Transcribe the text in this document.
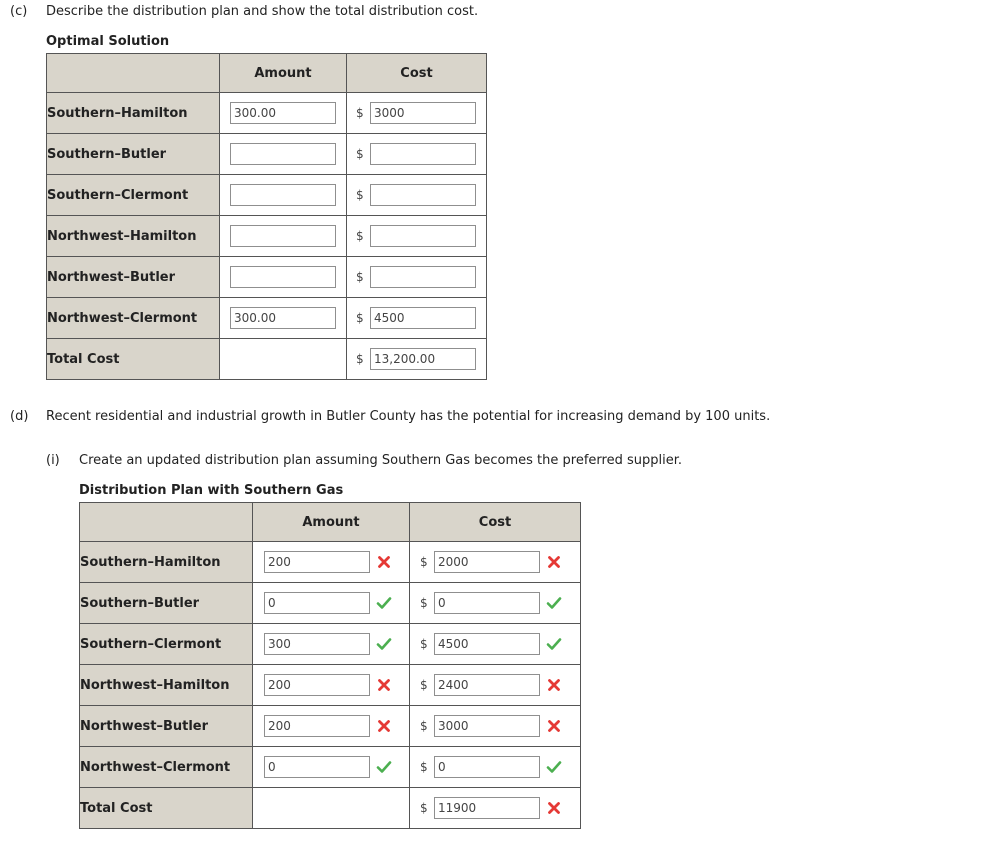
(c) Describe the distribution plan and show the total distribution cost.
Optimal Solution
	Amount	Cost
Southern–Hamilton	300.00	$ 3000

Southern–Butler		$

Southern–Clermont		$

Northwest–Hamilton		$

Northwest–Butler		$

Northwest–Clermont	300.00	$ 4500

Total Cost		$ 13,200.00
(d) Recent residential and industrial growth in Butler County has the potential for increasing demand by 100 units.
(i) Create an updated distribution plan assuming Southern Gas becomes the preferred supplier.
Distribution Plan with Southern Gas
	Amount	Cost
Southern–Hamilton	200	$ 2000

Southern–Butler	0	$ 0

Southern–Clermont	300	$ 4500

Northwest–Hamilton	200	$ 2400

Northwest–Butler	200	$ 3000

Northwest–Clermont	0	$ 0

Total Cost		$ 11900
